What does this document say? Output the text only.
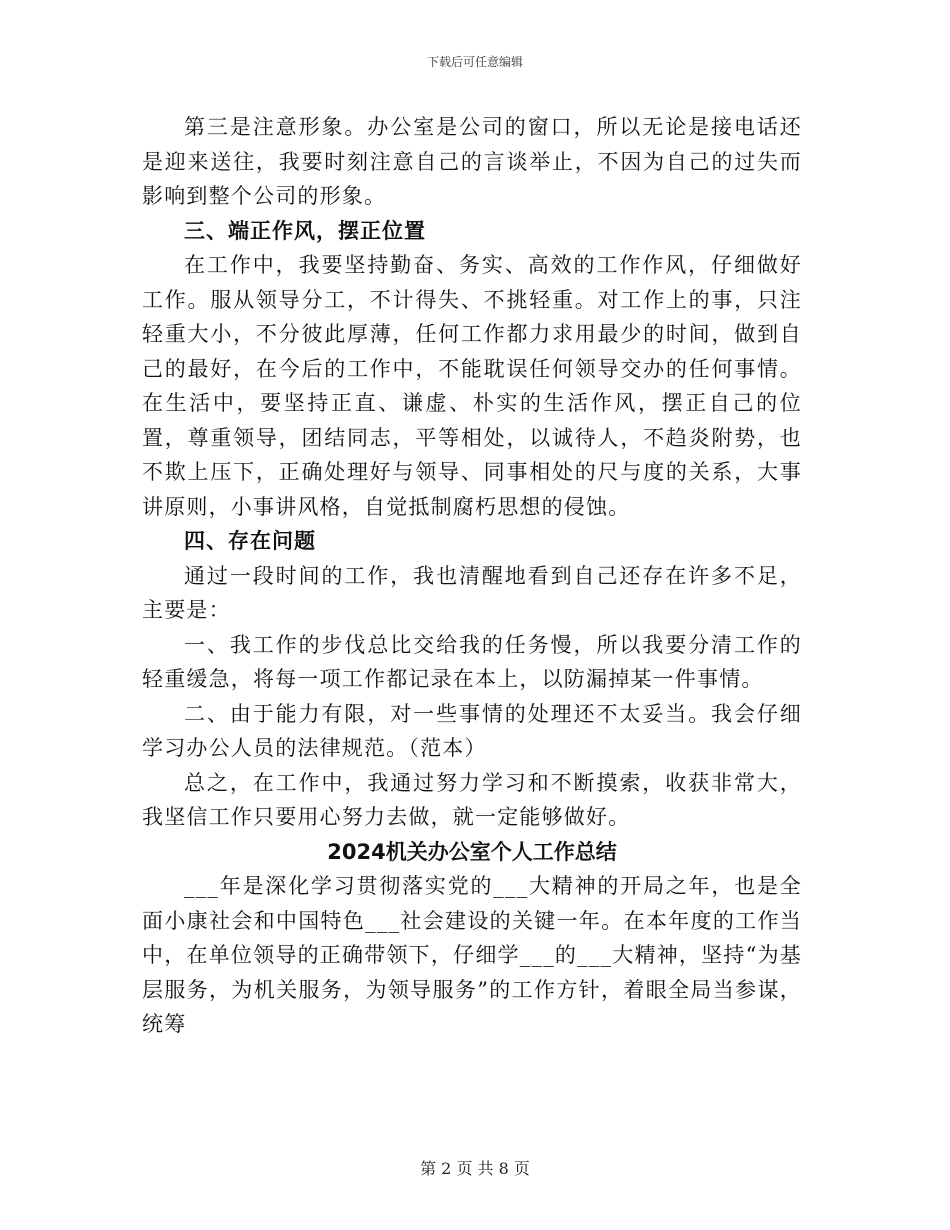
下载后可任意编辑

第三是注意形象。办公室是公司的窗口，所以无论是接电话还是迎来送往，我要时刻注意自己的言谈举止，不因为自己的过失而影响到整个公司的形象。

三、端正作风，摆正位置

在工作中，我要坚持勤奋、务实、高效的工作作风，仔细做好工作。服从领导分工，不计得失、不挑轻重。对工作上的事，只注轻重大小，不分彼此厚薄，任何工作都力求用最少的时间，做到自己的最好，在今后的工作中，不能耽误任何领导交办的任何事情。在生活中，要坚持正直、谦虚、朴实的生活作风，摆正自己的位置，尊重领导，团结同志，平等相处，以诚待人，不趋炎附势，也不欺上压下，正确处理好与领导、同事相处的尺与度的关系，大事讲原则，小事讲风格，自觉抵制腐朽思想的侵蚀。

四、存在问题

通过一段时间的工作，我也清醒地看到自己还存在许多不足，主要是：

一、我工作的步伐总比交给我的任务慢，所以我要分清工作的轻重缓急，将每一项工作都记录在本上，以防漏掉某一件事情。

二、由于能力有限，对一些事情的处理还不太妥当。我会仔细学习办公人员的法律规范。（范本）

总之，在工作中，我通过努力学习和不断摸索，收获非常大，我坚信工作只要用心努力去做，就一定能够做好。

2024机关办公室个人工作总结

___年是深化学习贯彻落实党的___大精神的开局之年，也是全面小康社会和中国特色___社会建设的关键一年。在本年度的工作当中，在单位领导的正确带领下，仔细学___的___大精神，坚持“为基层服务，为机关服务，为领导服务”的工作方针，着眼全局当参谋，统筹

第 2 页 共 8 页
